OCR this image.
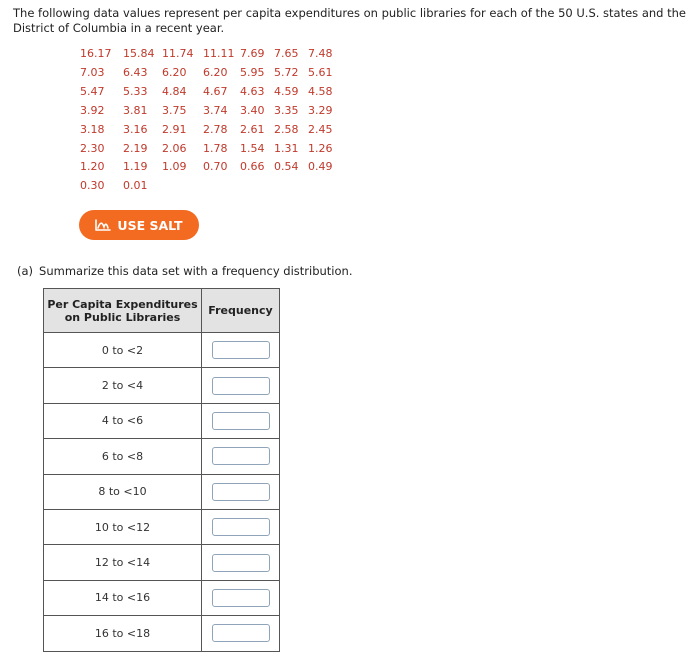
The following data values represent per capita expenditures on public libraries for each of the 50 U.S. states and the District of Columbia in a recent year.
16.17	15.84	11.74	11.11	7.69	7.65	7.48
7.03	6.43	6.20	6.20	5.95	5.72	5.61
5.47	5.33	4.84	4.67	4.63	4.59	4.58
3.92	3.81	3.75	3.74	3.40	3.35	3.29
3.18	3.16	2.91	2.78	2.61	2.58	2.45
2.30	2.19	2.06	1.78	1.54	1.31	1.26
1.20	1.19	1.09	0.70	0.66	0.54	0.49
0.30	0.01					
USE SALT
(a) Summarize this data set with a frequency distribution.
Per Capita Expenditures on Public Libraries	Frequency
0 to <2	
2 to <4	
4 to <6	
6 to <8	
8 to <10	
10 to <12	
12 to <14	
14 to <16	
16 to <18	
